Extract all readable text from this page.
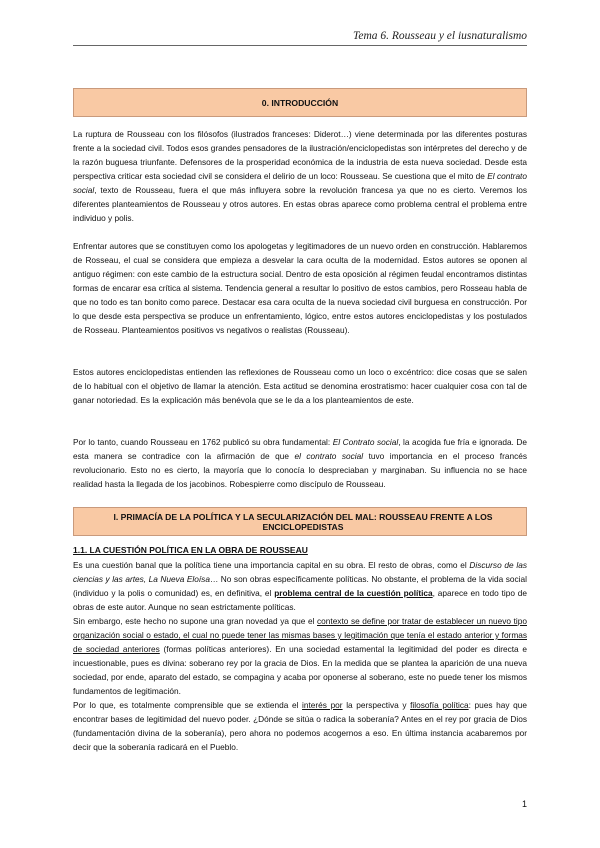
Tema 6. Rousseau y el iusnaturalismo
0. INTRODUCCIÓN

La ruptura de Rousseau con los filósofos (ilustrados franceses: Diderot…) viene determinada por las diferentes posturas frente a la sociedad civil. Todos esos grandes pensadores de la ilustración/enciclopedistas son intérpretes del derecho y de la razón buguesa triunfante. Defensores de la prosperidad económica de la industria de esta nueva sociedad. Desde esta perspectiva criticar esta sociedad civil se considera el delirio de un loco: Rousseau. Se cuestiona que el mito de El contrato social, texto de Rousseau, fuera el que más influyera sobre la revolución francesa ya que no es cierto. Veremos los diferentes planteamientos de Rousseau y otros autores. En estas obras aparece como problema central el problema entre individuo y polis.

Enfrentar autores que se constituyen como los apologetas y legitimadores de un nuevo orden en construcción. Hablaremos de Rosseau, el cual se considera que empieza a desvelar la cara oculta de la modernidad. Estos autores se oponen al antiguo régimen: con este cambio de la estructura social. Dentro de esta oposición al régimen feudal encontramos distintas formas de encarar esa crítica al sistema. Tendencia general a resultar lo positivo de estos cambios, pero Rosseau habla de que no todo es tan bonito como parece. Destacar esa cara oculta de la nueva sociedad civil burguesa en construcción. Por lo que desde esta perspectiva se produce un enfrentamiento, lógico, entre estos autores enciclopedistas y los postulados de Rosseau. Planteamientos positivos vs negativos o realistas (Rousseau).

Estos autores enciclopedistas entienden las reflexiones de Rousseau como un loco o excéntrico: dice cosas que se salen de lo habitual con el objetivo de llamar la atención. Esta actitud se denomina erostratismo: hacer cualquier cosa con tal de ganar notoriedad. Es la explicación más benévola que se le da a los planteamientos de este.

Por lo tanto, cuando Rousseau en 1762 publicó su obra fundamental: El Contrato social, la acogida fue fría e ignorada. De esta manera se contradice con la afirmación de que el contrato social tuvo importancia en el proceso francés revolucionario. Esto no es cierto, la mayoría que lo conocía lo despreciaban y marginaban. Su influencia no se hace realidad hasta la llegada de los jacobinos. Robespierre como discípulo de Rousseau.

I. PRIMACÍA DE LA POLÍTICA Y LA SECULARIZACIÓN DEL MAL: ROUSSEAU FRENTE A LOS ENCICLOPEDISTAS

1.1. LA CUESTIÓN POLÍTICA EN LA OBRA DE ROUSSEAU

Es una cuestión banal que la política tiene una importancia capital en su obra. El resto de obras, como el Discurso de las ciencias y las artes, La Nueva Eloísa… No son obras específicamente políticas. No obstante, el problema de la vida social (individuo y la polis o comunidad) es, en definitiva, el problema central de la cuestión política, aparece en todo tipo de obras de este autor. Aunque no sean estrictamente políticas.

Sin embargo, este hecho no supone una gran novedad ya que el contexto se define por tratar de establecer un nuevo tipo organización social o estado, el cual no puede tener las mismas bases y legitimación que tenía el estado anterior y formas de sociedad anteriores (formas políticas anteriores). En una sociedad estamental la legitimidad del poder es directa e incuestionable, pues es divina: soberano rey por la gracia de Dios. En la medida que se plantea la aparición de una nueva sociedad, por ende, aparato del estado, se compagina y acaba por oponerse al soberano, este no puede tener los mismos fundamentos de legitimación.

Por lo que, es totalmente comprensible que se extienda el interés por la perspectiva y filosofía política: pues hay que encontrar bases de legitimidad del nuevo poder. ¿Dónde se sitúa o radica la soberanía? Antes en el rey por gracia de Dios (fundamentación divina de la soberanía), pero ahora no podemos acogernos a eso. En última instancia acabaremos por decir que la soberanía radicará en el Pueblo.

1
